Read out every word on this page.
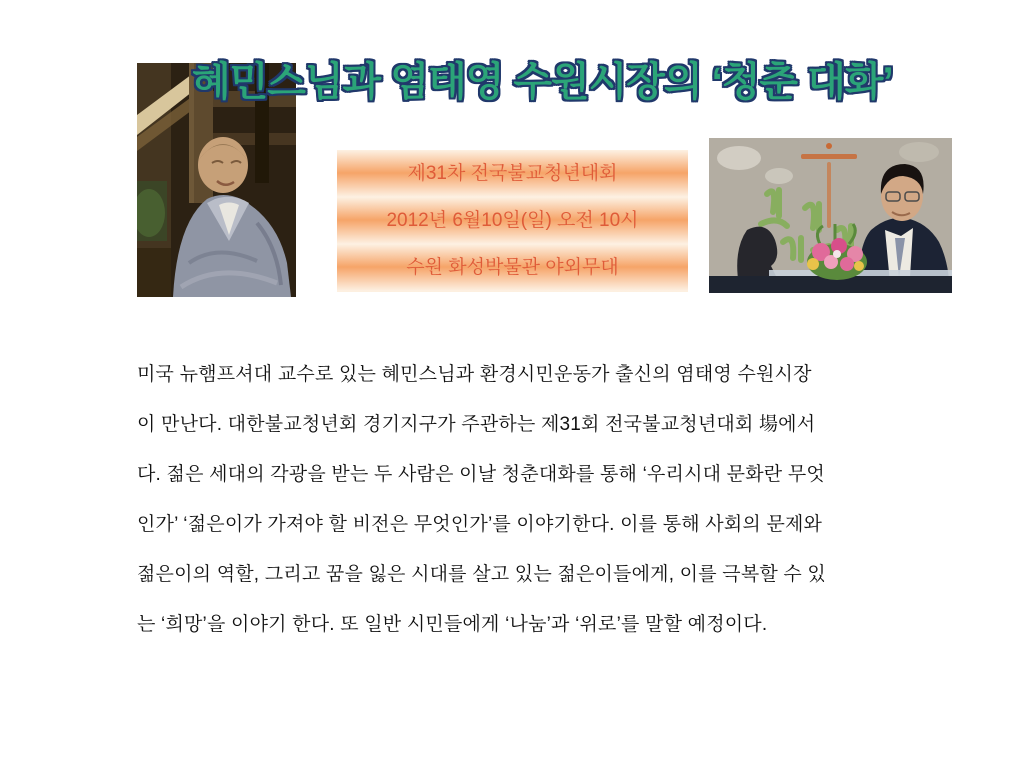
혜민스님과 염태영 수원시장의 ‘청춘 대화’
제31차 전국불교청년대회
2012년 6월10일(일) 오전 10시
수원 화성박물관 야외무대
미국 뉴햄프셔대 교수로 있는 혜민스님과 환경시민운동가 출신의 염태영 수원시장
이 만난다. 대한불교청년회 경기지구가 주관하는 제31회 전국불교청년대회 場에서
다. 젊은 세대의 각광을 받는 두 사람은 이날 청춘대화를 통해 ‘우리시대 문화란 무엇
인가’ ‘젊은이가 가져야 할 비전은 무엇인가’를 이야기한다. 이를 통해 사회의 문제와
젊은이의 역할, 그리고 꿈을 잃은 시대를 살고 있는 젊은이들에게, 이를 극복할 수 있
는 ‘희망’을 이야기 한다. 또 일반 시민들에게 ‘나눔’과 ‘위로’를 말할 예정이다.
